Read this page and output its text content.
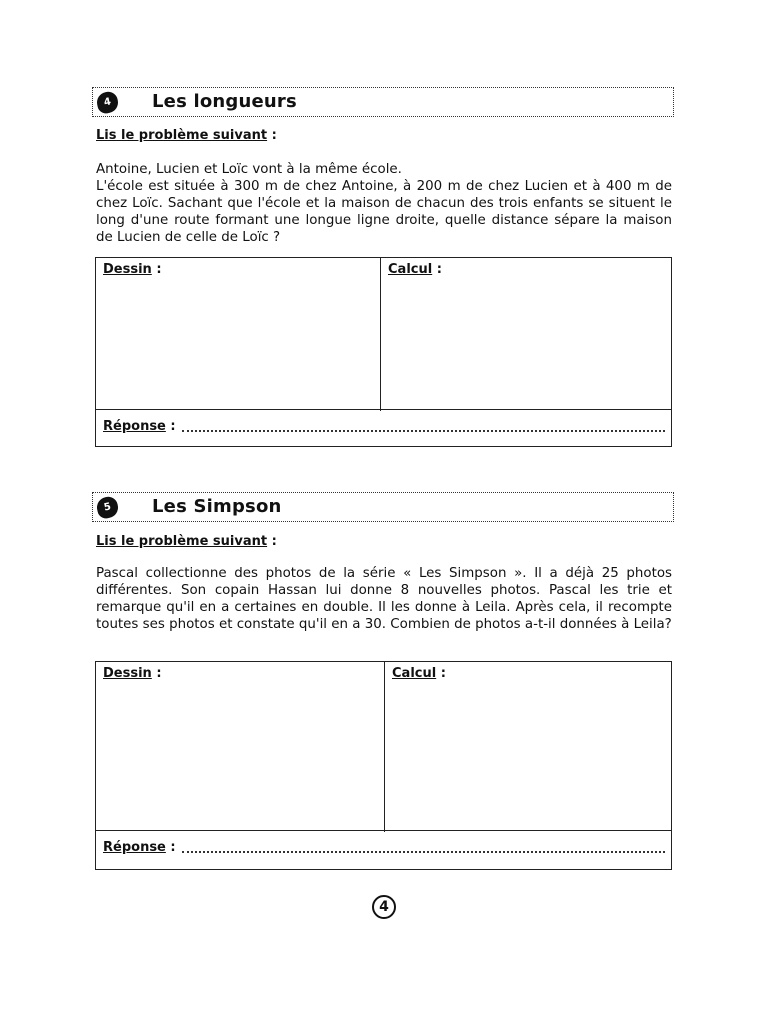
4	Les longueurs
Lis le problème suivant :

Antoine, Lucien et Loïc vont à la même école.

L'école est située à 300 m de chez Antoine, à 200 m de chez Lucien et à 400 m de chez Loïc. Sachant que l'école et la maison de chacun des trois enfants se situent le long d'une route formant une longue ligne droite, quelle distance sépare la maison de Lucien de celle de Loïc ?

Dessin :	Calcul :
Réponse :
5	Les Simpson
Lis le problème suivant :

Pascal collectionne des photos de la série « Les Simpson ». Il a déjà 25 photos différentes. Son copain Hassan lui donne 8 nouvelles photos. Pascal les trie et remarque qu'il en a certaines en double. Il les donne à Leila. Après cela, il recompte toutes ses photos et constate qu'il en a 30. Combien de photos a-t-il données à Leila?

Dessin :	Calcul :
Réponse :
4
